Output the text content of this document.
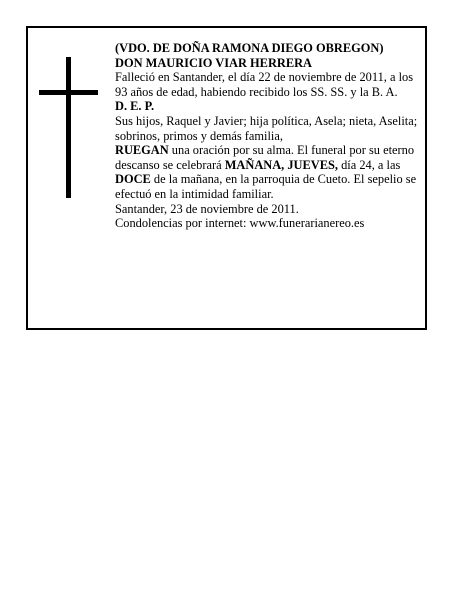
(VDO. DE DOÑA RAMONA DIEGO OBREGON)

DON MAURICIO VIAR HERRERA

Falleció en Santander, el día 22 de noviembre de 2011, a los 93 años de edad, habiendo recibido los SS. SS. y la B. A.

D. E. P.

Sus hijos, Raquel y Javier; hija política, Asela; nieta, Aselita; sobrinos, primos y demás familia,

RUEGAN una oración por su alma. El funeral por su eterno descanso se celebrará MAÑANA, JUEVES, día 24, a las DOCE de la mañana, en la parroquia de Cueto. El sepelio se efectuó en la intimidad familiar.

Santander, 23 de noviembre de 2011.

Condolencias por internet: www.funerarianereo.es
